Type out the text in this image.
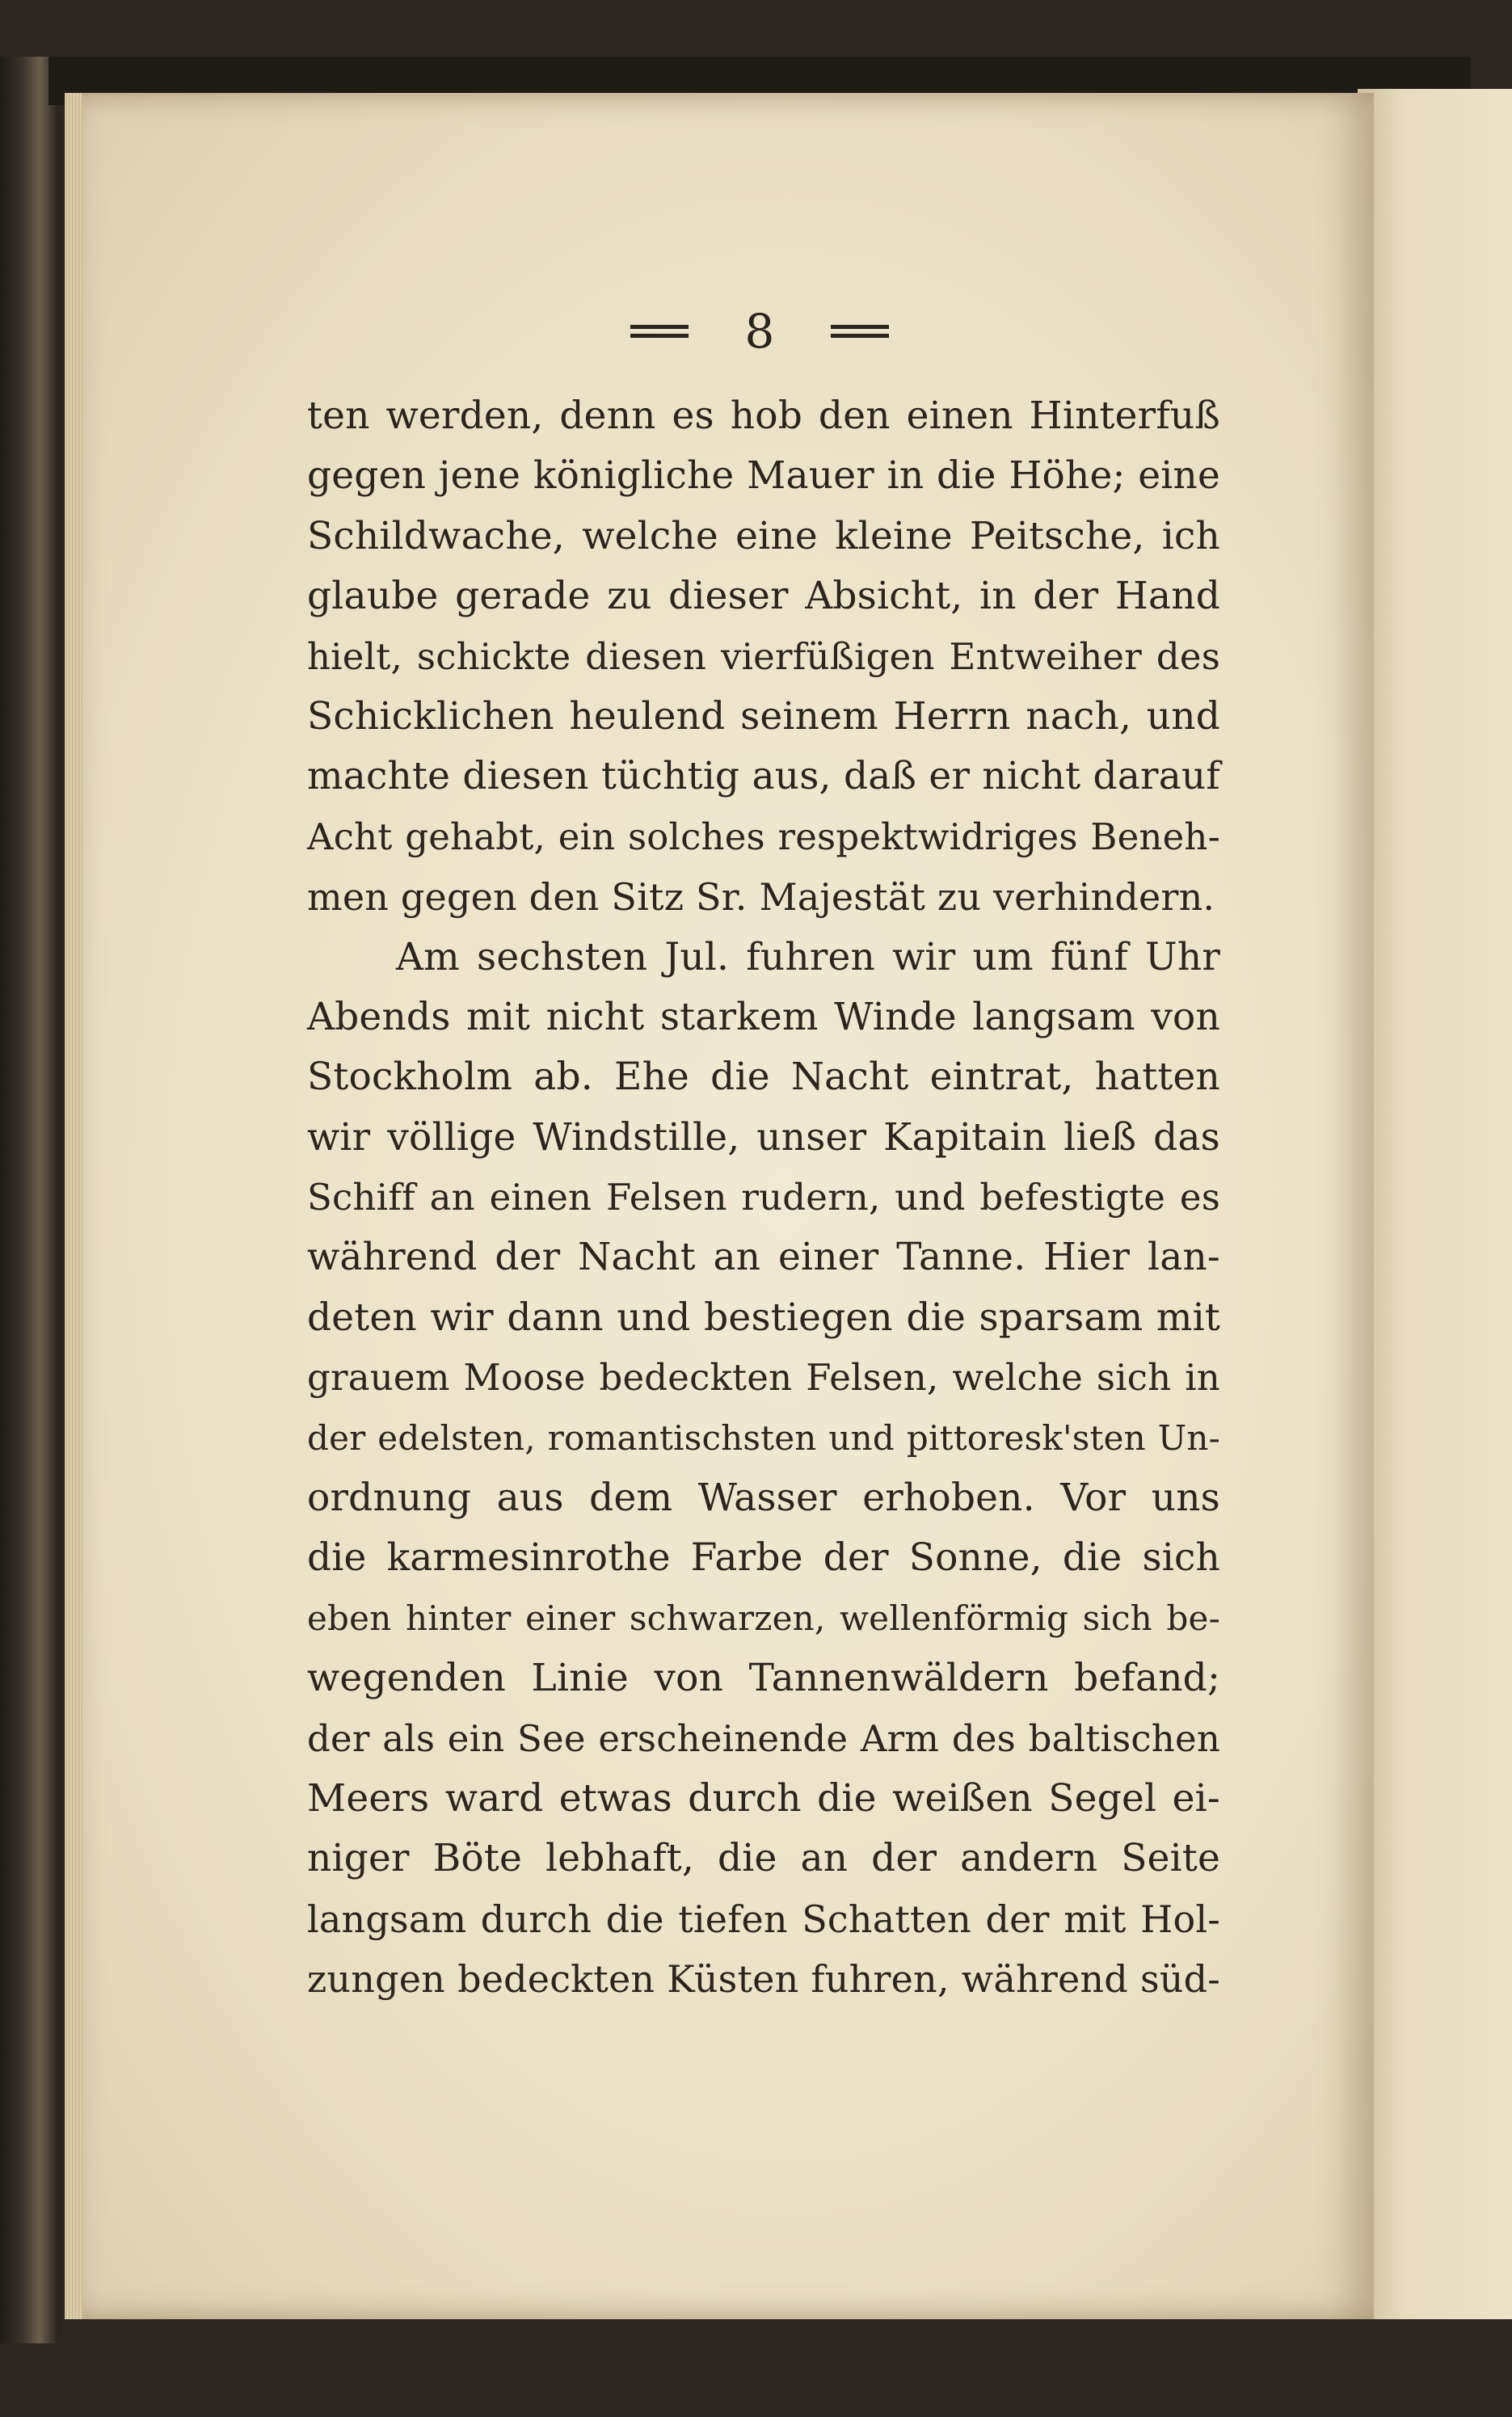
8
ten werden, denn es hob den einen Hinterfuß
gegen jene königliche Mauer in die Höhe; eine
Schildwache, welche eine kleine Peitsche, ich
glaube gerade zu dieser Absicht, in der Hand
hielt, schickte diesen vierfüßigen Entweiher des
Schicklichen heulend seinem Herrn nach, und
machte diesen tüchtig aus, daß er nicht darauf
Acht gehabt, ein solches respektwidriges Beneh-
men gegen den Sitz Sr. Majestät zu verhindern.
Am sechsten Jul. fuhren wir um fünf Uhr
Abends mit nicht starkem Winde langsam von
Stockholm ab. Ehe die Nacht eintrat, hatten
wir völlige Windstille, unser Kapitain ließ das
Schiff an einen Felsen rudern, und befestigte es
während der Nacht an einer Tanne. Hier lan-
deten wir dann und bestiegen die sparsam mit
grauem Moose bedeckten Felsen, welche sich in
der edelsten, romantischsten und pittoresk'sten Un-
ordnung aus dem Wasser erhoben. Vor uns
die karmesinrothe Farbe der Sonne, die sich
eben hinter einer schwarzen, wellenförmig sich be-
wegenden Linie von Tannenwäldern befand;
der als ein See erscheinende Arm des baltischen
Meers ward etwas durch die weißen Segel ei-
niger Böte lebhaft, die an der andern Seite
langsam durch die tiefen Schatten der mit Hol-
zungen bedeckten Küsten fuhren, während süd-
